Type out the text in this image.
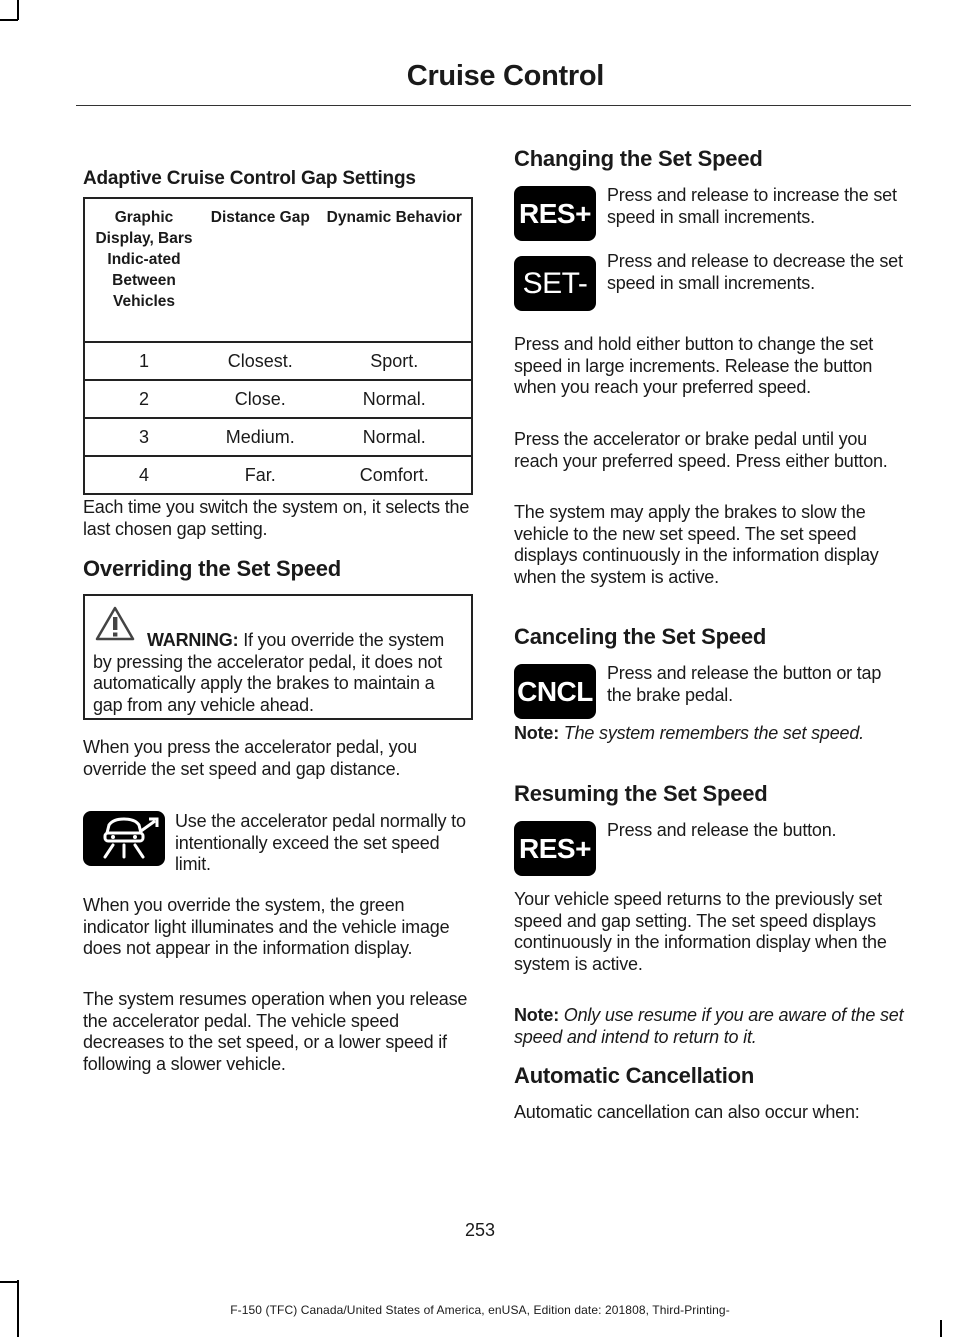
Cruise Control
Adaptive Cruise Control Gap Settings
Graphic Display, Bars Indic-ated Between Vehicles	Distance Gap	Dynamic Behavior
1	Closest.	Sport.
2	Close.	Normal.
3	Medium.	Normal.
4	Far.	Comfort.
Each time you switch the system on, it selects the last chosen gap setting.
Overriding the Set Speed
WARNING: If you override the system by pressing the accelerator pedal, it does not automatically apply the brakes to maintain a gap from any vehicle ahead.
When you press the accelerator pedal, you override the set speed and gap distance.
Use the accelerator pedal normally to intentionally exceed the set speed limit.
When you override the system, the green indicator light illuminates and the vehicle image does not appear in the information display.
The system resumes operation when you release the accelerator pedal. The vehicle speed decreases to the set speed, or a lower speed if following a slower vehicle.
Changing the Set Speed
RES+
Press and release to increase the set speed in small increments.
SET-
Press and release to decrease the set speed in small increments.
Press and hold either button to change the set speed in large increments. Release the button when you reach your preferred speed.
Press the accelerator or brake pedal until you reach your preferred speed. Press either button.
The system may apply the brakes to slow the vehicle to the new set speed. The set speed displays continuously in the information display when the system is active.
Canceling the Set Speed
CNCL
Press and release the button or tap the brake pedal.
Note: The system remembers the set speed.
Resuming the Set Speed
RES+
Press and release the button.
Your vehicle speed returns to the previously set speed and gap setting. The set speed displays continuously in the information display when the system is active.
Note: Only use resume if you are aware of the set speed and intend to return to it.
Automatic Cancellation
Automatic cancellation can also occur when:
253
F-150 (TFC) Canada/United States of America, enUSA, Edition date: 201808, Third-Printing-
